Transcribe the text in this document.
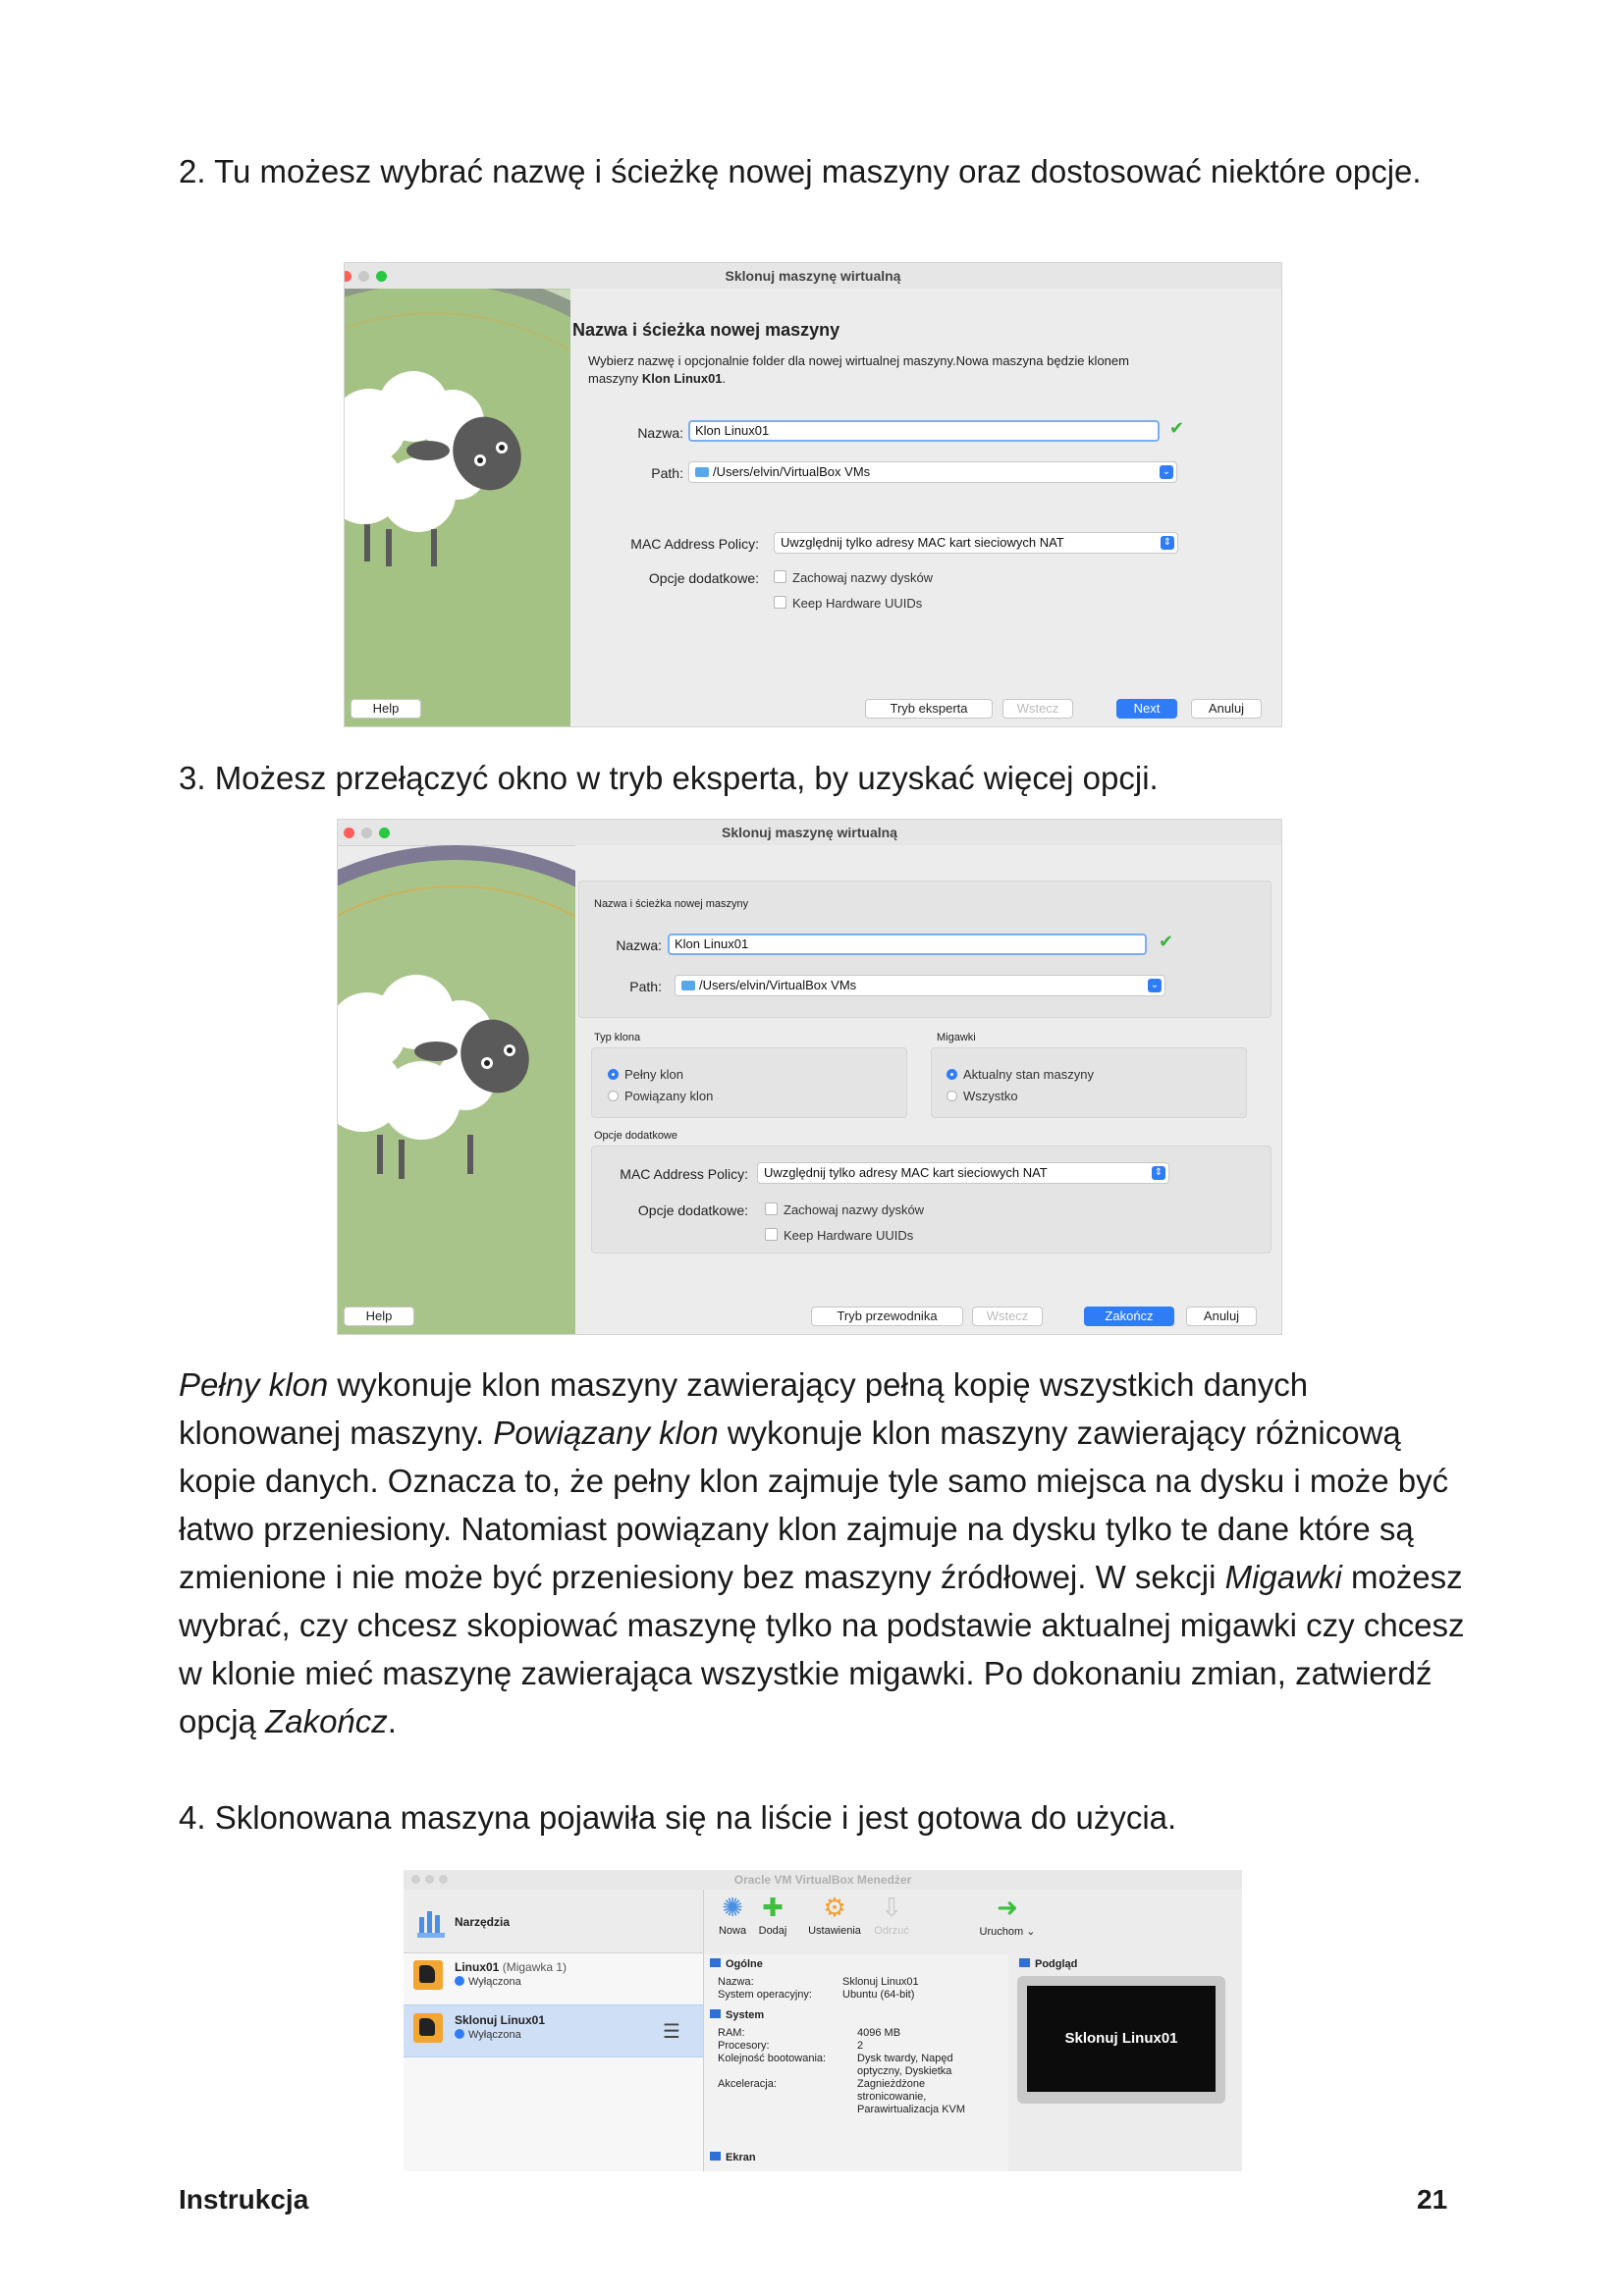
2. Tu możesz wybrać nazwę i ścieżkę nowej maszyny oraz dostosować niektóre opcje.

Sklonuj maszynę wirtualną
Nazwa i ścieżka nowej maszyny
Wybierz nazwę i opcjonalnie folder dla nowej wirtualnej maszyny.Nowa maszyna będzie klonem
maszyny Klon Linux01.
Nazwa: Klon Linux01	✔
Path:	/Users/elvin/VirtualBox VMs	⌄
MAC Address Policy:	Uwzględnij tylko adresy MAC kart sieciowych NAT	⇕
Opcje dodatkowe:	Zachowaj nazwy dysków
Keep Hardware UUIDs
Help	Tryb eksperta	Wstecz	Next	Anuluj

3. Możesz przełączyć okno w tryb eksperta, by uzyskać więcej opcji.

Sklonuj maszynę wirtualną
Nazwa i ścieżka nowej maszyny
Nazwa:	Klon Linux01	✔
Path:	/Users/elvin/VirtualBox VMs	⌄
Typ klona
Pełny klon
Powiązany klon
Migawki
Aktualny stan maszyny
Wszystko
Opcje dodatkowe
MAC Address Policy:	Uwzględnij tylko adresy MAC kart sieciowych NAT	⇕
Opcje dodatkowe:	Zachowaj nazwy dysków
Keep Hardware UUIDs
Help	Tryb przewodnika	Wstecz	Zakończ	Anuluj

Pełny klon wykonuje klon maszyny zawierający pełną kopię wszystkich danych klonowanej maszyny. Powiązany klon wykonuje klon maszyny zawierający różnicową kopie danych. Oznacza to, że pełny klon zajmuje tyle samo miejsca na dysku i może być łatwo przeniesiony. Natomiast powiązany klon zajmuje na dysku tylko te dane które są zmienione i nie może być przeniesiony bez maszyny źródłowej. W sekcji Migawki możesz wybrać, czy chcesz skopiować maszynę tylko na podstawie aktualnej migawki czy chcesz w klonie mieć maszynę zawierająca wszystkie migawki. Po dokonaniu zmian, zatwierdź opcją Zakończ.

4. Sklonowana maszyna pojawiła się na liście i jest gotowa do użycia.

Oracle VM VirtualBox Menedżer
Narzędzia
Linux01 (Migawka 1)
Wyłączona
Sklonuj Linux01
Wyłączona	☰
✺
Nowa
✚
Dodaj
⚙
Ustawienia
⇩
Odrzuć
➜
Uruchom ⌄
Ogólne
Nazwa:	Sklonuj Linux01
System operacyjny:	Ubuntu (64-bit)
System
RAM:	4096 MB
Procesory:	2
Kolejność bootowania:	Dysk twardy, Napęd
optyczny, Dyskietka
Akceleracja:	Zagnieżdżone
stronicowanie,
Parawirtualizacja KVM
Ekran
Podgląd
Sklonuj Linux01
Instrukcja	21
